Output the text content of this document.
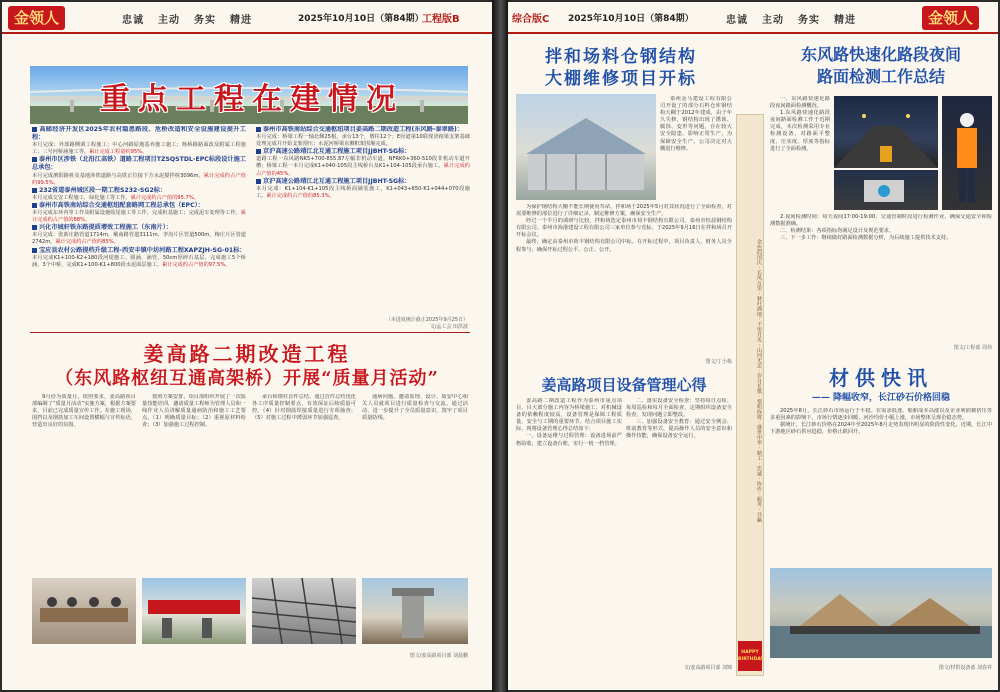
金领人	忠诚 主动 务实 精进	2025年10月10日（第84期）
工程版B
重点工程在建情况
高邮经济开发区2025年农村隐患路段、危桥改造和安全设施建设提升工程：
本月完成：外部路侧调工程施工；中心河路原地基养施工施工；杨桥路路面改及附属工程施工；三号河桥涵施工等。累计完成工程量约95%。
泰州市区涉铁（北沿江高铁）道路工程项目TZSQSTDL-EPC标段设计施工总承包：
本月完成泗阳路桩及基地涉铁道路与高铁正位接下方水泥搅拌桩3096m。累计完成约占产值约99.5%。
232省道泰州城区段一期工程S232-SG2标：
本月完成交安工程施工、绿化施工等工作。累计完成约占产值的95.7%。
泰州市高铁南站综合交通枢纽配套路网工程总承包（EPC）：
本月完成东环内等工作及附属设施收尾施工等工作，完成桩基施工；完成泥车处理等工作。累计完成约占产值的88%。
兴化市城轩铁东路提质增效工程施工（东南片）：
本月完成：张新庄路管道1714m，戴南路管道3111m，李沟片区管道500m，梅庄片区管道2742m。累计完成约占产值约85%。
宝应县农村公路提档升级工程-西安丰镇中坊河路工程XAPZJH-SG-01标：
本月完成K1+100-K2+180段河堤施工、圆涵、涵管，50cm厚碎石基层，完成施工5个桥涵，3个中桥，完成K1+100-K1+800段水泥面层施工。累计完成约占产值的97.5%。
泰州市高铁南站综合交通枢纽项目姜高路二期改造工程(东风路-泰翠路)：
本月完成：桥梁工程一轴北侧25根，承台13个，墩柱12个；E匝道第10联现浇箱梁支架基础处理完成并开始支架预压；水泥河桥梁东侧框架围堰完成。
京沪高速公路靖江北互通工程施工项目JJBHT-SG标：
道路工程一东风路NK5+700-855.87左幅非机动车道，NFRK0+360-510段非机动车道开槽；桥梁工程一本月完成K1+040-105段主线桥台及K1+104-105段承台施工。累计完成约占产值的45%。
京沪高速公路靖江北互通工程施工项目JJBHT-SG标：
本月完成：K1+104-K1+105段主线桥面铺装施工，K1+043+650-K1+044+070段施工。累计完成约占产值的85.3%。
（本进度统计截止2025年9月25日）
文/孟工会 田洪波
姜高路二期改造工程
（东风路枢纽互通高架桥）开展“质量月活动”

9月份为质量月，依照要求，姜高路项目部编制了“质量月活动”实施方案，根据方案要求，目前已完成质量宣传工作。在施工现场，围挡以及钢筋加工车间设置横幅与宣传标语，营造出良好的氛围。

按照方案安排，项目部组织开展了一次质量技能培训，邀请质量工程师为管理人员和一线作业人员讲解质量通病防治和施工工艺要点。（1）明确质量目标；（2）重视原材料检查；（3）加强施工过程控制。

承台和墩柱首件总结。通过首件总结优化各工序质量控制要点，有效保证后续质量可控。（4）针对钢筋焊接质量进行专项抽查；（5）对施工过程中薄弱环节加强巡查。

通病问题、邀请监理、设计、质安中心相关人员就项目进行质量检查与交流。通过活动，进一步提升了全员质量意识，筑牢了项目质量防线。

图文/姜高路项目部 刘晨鹏
综合版C 2025年10月10日（第84期）	忠诚 主动 务实 精进	金领人
拌和场料仓钢结构
大棚维修项目开标

泰州金马建设工程有限公司开设了的部分石料仓库钢结构大棚于2012年建成，由于年久失修，钢结构出现了锈蚀、腐蚀、变形等问题，存在较大安全隐患，影响正常生产，为保障安全生产，公司决定对大棚进行维修。

为保护钢结构大棚不能长期使用寿命，拌和场于2025年5月对其状况进行了全面检查，对需要维修的部位进行了详细记录，制定维修方案，确保安全生产。

经过一个半月的调研与比较，拌和场选定泰州市荷丰钢结构有限公司、泰州市恒晨钢结构有限公司、泰州市海港建设工程有限公司三家单位参与竞标。于2025年9月16日在拌和场召开开标会议。

最终，确定由泰州市荷丰钢结构有限公司中标。在开标过程中，项目负责人、财务人员全程参与，确保开标过程公平、公正、公开。

图文/丁小栋
姜高路项目设备管理心得

姜高路二期改造工程作为泰州市重点项目，目大部分施工内容为桥梁施工，对机械设备的依赖程度较高，设备管理是保障工程质量、安全与工期的重要环节。结合项目施工实际，现将设备管理心得总结如下：

一、设备运维与过程管理：设备进场前严格验收，建立设备台账，实行一机一档管理。

二、落实设备安全检查：坚持每日点检、每周巡检和每月全面检查，定期组织设备安全检查，发现问题立即整改。

三、加强设备安全教育：通过安全例会、班前教育等形式，提高操作人员的安全意识和操作技能，确保设备安全运行。

文/姜高路项目部 刘锦
金色的国庆 · 长风万里 · 秋叶满地 · 千里月光 · 山河无恙 · 岁月长歌 · 黎明终将 · 盛世中华 · 精工 · 忠诚 · 协作 · 服务 · 共赢
HAPPY BIRTHDAY
东风路快速化路段夜间
路面检测工作总结

一、东风路快速化路段夜间路面检测概况。

1.东风路快速化路段夜间路面检测工作于近期完成，本次检测采用专业检测设备，对路面平整度、压实度、厚度等指标进行了全面检测。

2.夜间检测时间：每天夜间17:00-19:00，交通管制时段进行检测作业，确保交通安全和检测数据准确。

二、检测结果：各项指标均满足设计及规范要求。

三、下一步工作：继续做好路面检测数据分析，为后续施工提供技术支持。

图文/工程部 周伟
材供快讯
—— 降幅收窄，长江砂石价格回稳

2025年8月，长江砂石市场运行于平稳。在需求低迷、船舶成本高涨以及企业利润被挤压等多重因素的影响下，市场行情逐步回暖，河沙均价小幅上涨，市场整体呈现企稳态势。

据统计，长江砂石价格在2024年至2025年8月走势表现出明显的阶段性变化。近期，长江中下游地区砂石供应趋稳，价格止跌回升。

图文/材供设备部 刘春祥
